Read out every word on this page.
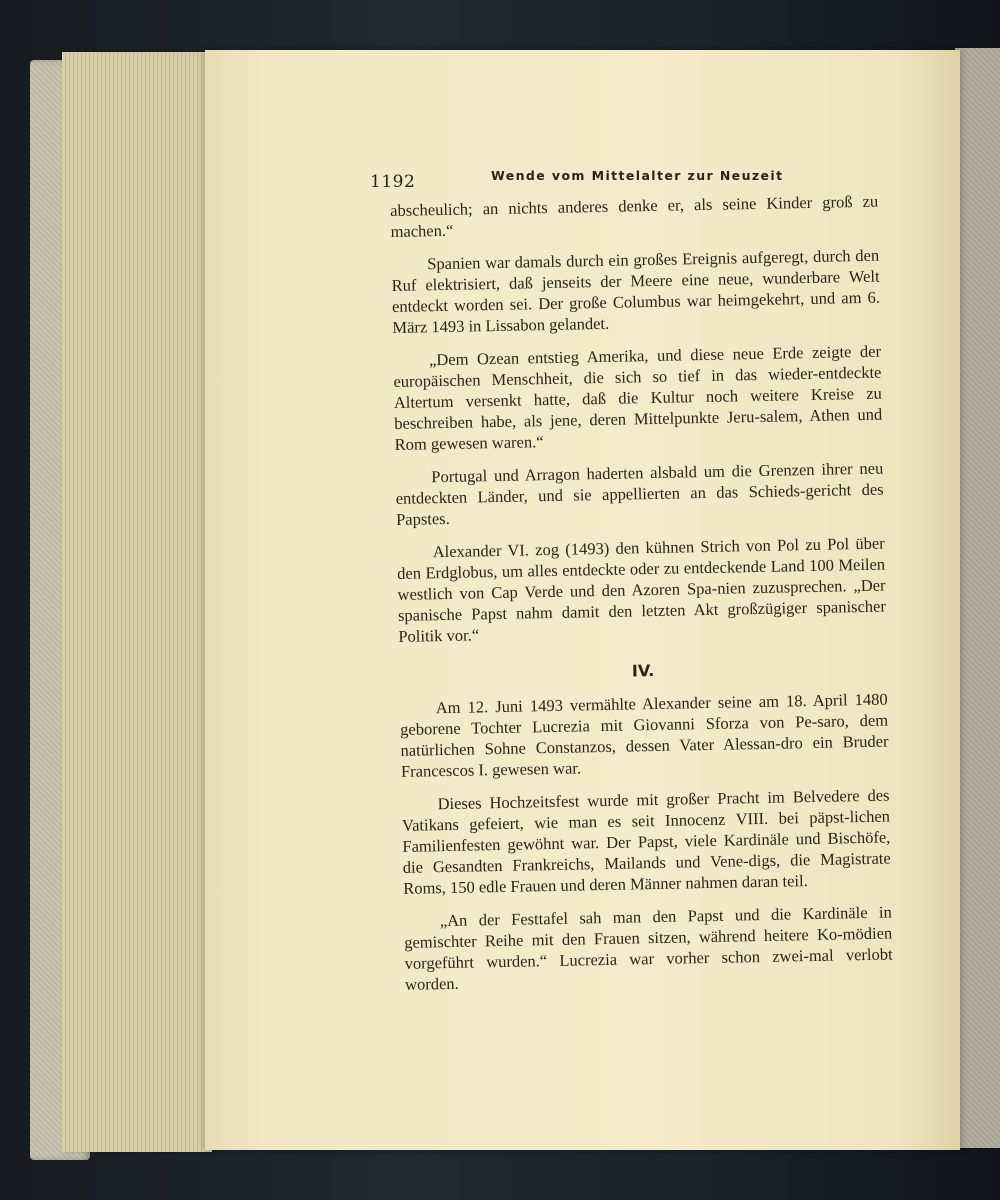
1192	Wende vom Mittelalter zur Neuzeit

abscheulich; an nichts anderes denke er, als seine Kinder groß zu machen.“

Spanien war damals durch ein großes Ereignis aufgeregt, durch den Ruf elektrisiert, daß jenseits der Meere eine neue, wunderbare Welt entdeckt worden sei. Der große Columbus war heimgekehrt, und am 6. März 1493 in Lissabon gelandet.

„Dem Ozean entstieg Amerika, und diese neue Erde zeigte der europäischen Menschheit, die sich so tief in das wieder-entdeckte Altertum versenkt hatte, daß die Kultur noch weitere Kreise zu beschreiben habe, als jene, deren Mittelpunkte Jeru-salem, Athen und Rom gewesen waren.“

Portugal und Arragon haderten alsbald um die Grenzen ihrer neu entdeckten Länder, und sie appellierten an das Schieds-gericht des Papstes.

Alexander VI. zog (1493) den kühnen Strich von Pol zu Pol über den Erdglobus, um alles entdeckte oder zu entdeckende Land 100 Meilen westlich von Cap Verde und den Azoren Spa-nien zuzusprechen. „Der spanische Papst nahm damit den letzten Akt großzügiger spanischer Politik vor.“

IV.

Am 12. Juni 1493 vermählte Alexander seine am 18. April 1480 geborene Tochter Lucrezia mit Giovanni Sforza von Pe-saro, dem natürlichen Sohne Constanzos, dessen Vater Alessan-dro ein Bruder Francescos I. gewesen war.

Dieses Hochzeitsfest wurde mit großer Pracht im Belvedere des Vatikans gefeiert, wie man es seit Innocenz VIII. bei päpst-lichen Familienfesten gewöhnt war. Der Papst, viele Kardinäle und Bischöfe, die Gesandten Frankreichs, Mailands und Vene-digs, die Magistrate Roms, 150 edle Frauen und deren Männer nahmen daran teil.

„An der Festtafel sah man den Papst und die Kardinäle in gemischter Reihe mit den Frauen sitzen, während heitere Ko-mödien vorgeführt wurden.“ Lucrezia war vorher schon zwei-mal verlobt worden.
